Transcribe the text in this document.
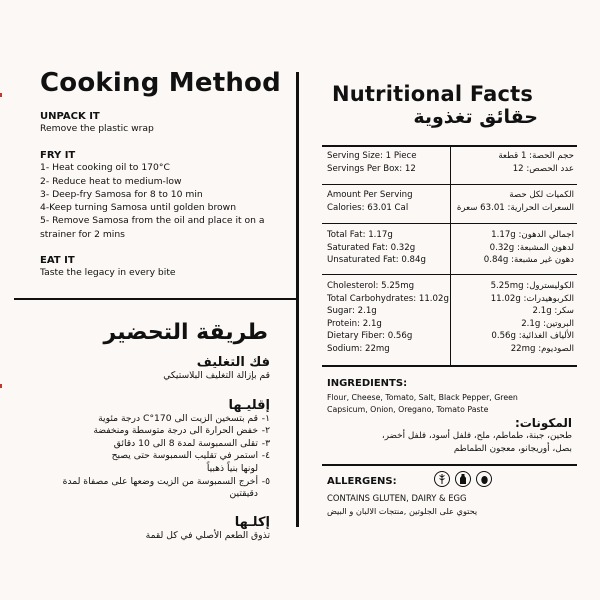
Cooking Method
UNPACK IT
Remove the plastic wrap
FRY IT
1- Heat cooking oil to 170°C
2- Reduce heat to medium-low
3- Deep-fry Samosa for 8 to 10 min
4-Keep turning Samosa until golden brown
5- Remove Samosa from the oil and place it on a
strainer for 2 mins
EAT IT
Taste the legacy in every bite
طريقة التحضير
فك التغليف
قم بإزالة التغليف البلاستيكي
إقليـها
١-
قم بتسخين الزيت الى 170°C درجة مئوية
٢-
خفض الحرارة الى درجة متوسطة ومنخفضة
٣-
تقلى السمبوسة لمدة 8 الى 10 دقائق
٤-
استمر في تقليب السمبوسة حتى يصبح
لونها بنياً ذهبياً
٥-
أخرج السمبوسة من الزيت وضعها على مصفاة لمدة
دقيقتين
إكلـها
تذوق الطعم الأصلي في كل لقمة
Nutritional Facts
حقائق تغذوية
Serving Size: 1 Piece
Servings Per Box: 12
حجم الحصة: 1 قطعة
عدد الحصص: 12
Amount Per Serving
Calories: 63.01 Cal
الكميات لكل حصة
السعرات الحرارية: 63.01 سعرة
Total Fat: 1.17g
Saturated Fat: 0.32g
Unsaturated Fat: 0.84g
اجمالي الدهون: 1.17g
لدهون المشبعة: 0.32g
دهون غير مشبعة: 0.84g
Cholesterol: 5.25mg
Total Carbohydrates: 11.02g
Sugar: 2.1g
Protein: 2.1g
Dietary Fiber: 0.56g
Sodium: 22mg
الكوليسترول: 5.25mg
الكربوهيدرات: 11.02g
سكر: 2.1g
البروتين: 2.1g
الألياف الغذائية: 0.56g
الصوديوم: 22mg
INGREDIENTS:
Flour, Cheese, Tomato, Salt, Black Pepper, Green
Capsicum, Onion, Oregano, Tomato Paste
المكونات:
طحين، جبنة، طماطم، ملح، فلفل أسود، فلفل أخضر،
بصل، أوريجانو، معجون الطماطم
ALLERGENS:
CONTAINS GLUTEN, DAIRY & EGG
يحتوي على الجلوتين ,منتجات الالبان و البيض
